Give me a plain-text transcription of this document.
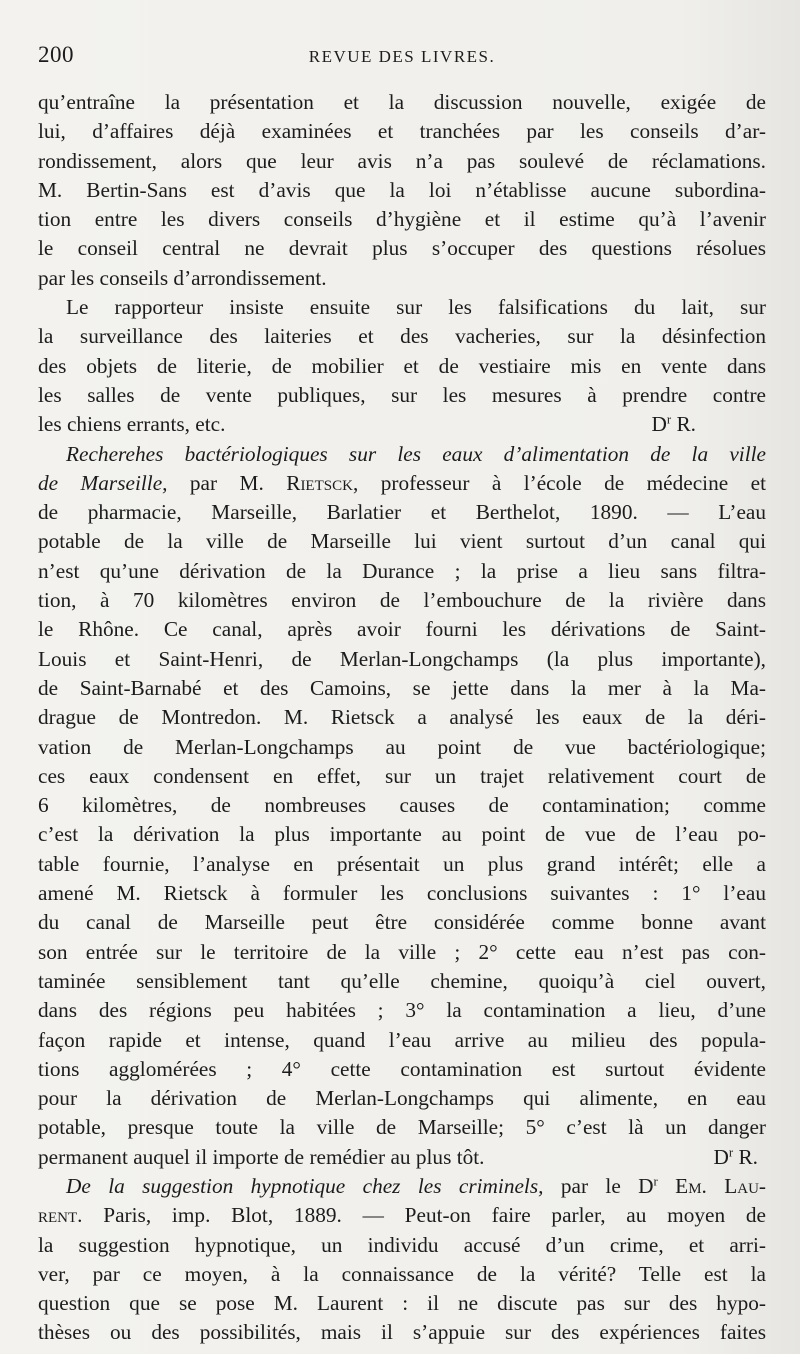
200	REVUE DES LIVRES.
qu’entraîne la présentation et la discussion nouvelle, exigée de
lui, d’affaires déjà examinées et tranchées par les conseils d’ar-
rondissement, alors que leur avis n’a pas soulevé de réclamations.
M. Bertin-Sans est d’avis que la loi n’établisse aucune subordina-
tion entre les divers conseils d’hygiène et il estime qu’à l’avenir
le conseil central ne devrait plus s’occuper des questions résolues
par les conseils d’arrondissement.
Le rapporteur insiste ensuite sur les falsifications du lait, sur
la surveillance des laiteries et des vacheries, sur la désinfection
des objets de literie, de mobilier et de vestiaire mis en vente dans
les salles de vente publiques, sur les mesures à prendre contre
les chiens errants, etc.	$D^r$ R.
Recherehes bactériologiques sur les eaux d’alimentation de la ville
de Marseille, par M. Rietsck, professeur à l’école de médecine et
de pharmacie, Marseille, Barlatier et Berthelot, 1890. — L’eau
potable de la ville de Marseille lui vient surtout d’un canal qui
n’est qu’une dérivation de la Durance ; la prise a lieu sans filtra-
tion, à 70 kilomètres environ de l’embouchure de la rivière dans
le Rhône. Ce canal, après avoir fourni les dérivations de Saint-
Louis et Saint-Henri, de Merlan-Longchamps (la plus importante),
de Saint-Barnabé et des Camoins, se jette dans la mer à la Ma-
drague de Montredon. M. Rietsck a analysé les eaux de la déri-
vation de Merlan-Longchamps au point de vue bactériologique;
ces eaux condensent en effet, sur un trajet relativement court de
6 kilomètres, de nombreuses causes de contamination; comme
c’est la dérivation la plus importante au point de vue de l’eau po-
table fournie, l’analyse en présentait un plus grand intérêt; elle a
amené M. Rietsck à formuler les conclusions suivantes : 1° l’eau
du canal de Marseille peut être considérée comme bonne avant
son entrée sur le territoire de la ville ; 2° cette eau n’est pas con-
taminée sensiblement tant qu’elle chemine, quoiqu’à ciel ouvert,
dans des régions peu habitées ; 3° la contamination a lieu, d’une
façon rapide et intense, quand l’eau arrive au milieu des popula-
tions agglomérées ; 4° cette contamination est surtout évidente
pour la dérivation de Merlan-Longchamps qui alimente, en eau
potable, presque toute la ville de Marseille; 5° c’est là un danger
permanent auquel il importe de remédier au plus tôt.	$D^r$ R.
De la suggestion hypnotique chez les criminels, par le $D^r$ Em. Lau-
rent. Paris, imp. Blot, 1889. — Peut-on faire parler, au moyen de
la suggestion hypnotique, un individu accusé d’un crime, et arri-
ver, par ce moyen, à la connaissance de la vérité? Telle est la
question que se pose M. Laurent : il ne discute pas sur des hypo-
thèses ou des possibilités, mais il s’appuie sur des expériences faites
